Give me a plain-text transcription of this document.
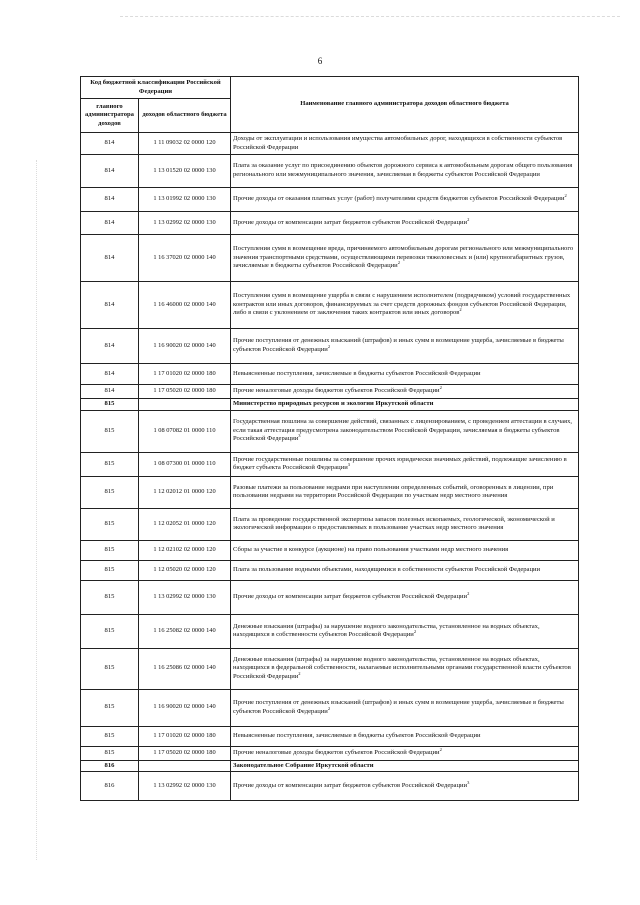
6
Код бюджетной классификации Российской Федерации		Наименование главного администратора доходов областного бюджета
главного администратора доходов	доходов областного бюджета	
814	1 11 09032 02 0000 120	Доходы от эксплуатации и использования имущества автомобильных дорог, находящихся в собственности субъектов Российской Федерации
814	1 13 01520 02 0000 130	Плата за оказание услуг по присоединению объектов дорожного сервиса к автомобильным дорогам общего пользования регионального или межмуниципального значения, зачисляемая в бюджеты субъектов Российской Федерации
814	1 13 01992 02 0000 130	Прочие доходы от оказания платных услуг (работ) получателями средств бюджетов субъектов Российской Федерации$^2$
814	1 13 02992 02 0000 130	Прочие доходы от компенсации затрат бюджетов субъектов Российской Федерации$^2$
814	1 16 37020 02 0000 140	Поступления сумм в возмещение вреда, причиняемого автомобильным дорогам регионального или межмуниципального значения транспортными средствами, осуществляющими перевозки тяжеловесных и (или) крупногабаритных грузов, зачисляемые в бюджеты субъектов Российской Федерации$^2$
814	1 16 46000 02 0000 140	Поступления сумм в возмещение ущерба в связи с нарушением исполнителем (подрядчиком) условий государственных контрактов или иных договоров, финансируемых за счет средств дорожных фондов субъектов Российской Федерации, либо в связи с уклонением от заключения таких контрактов или иных договоров$^2$
814	1 16 90020 02 0000 140	Прочие поступления от денежных взысканий (штрафов) и иных сумм в возмещение ущерба, зачисляемые в бюджеты субъектов Российской Федерации$^2$
814	1 17 01020 02 0000 180	Невыясненные поступления, зачисляемые в бюджеты субъектов Российской Федерации
814	1 17 05020 02 0000 180	Прочие неналоговые доходы бюджетов субъектов Российской Федерации$^2$
815		Министерство природных ресурсов и экологии Иркутской области
815	1 08 07082 01 0000 110	Государственная пошлина за совершение действий, связанных с лицензированием, с проведением аттестации в случаях, если такая аттестация предусмотрена законодательством Российской Федерации, зачисляемая в бюджеты субъектов Российской Федерации$^3$
815	1 08 07300 01 0000 110	Прочие государственные пошлины за совершение прочих юридически значимых действий, подлежащие зачислению в бюджет субъекта Российской Федерации$^3$
815	1 12 02012 01 0000 120	Разовые платежи за пользование недрами при наступлении определенных событий, оговоренных в лицензии, при пользовании недрами на территории Российской Федерации по участкам недр местного значения
815	1 12 02052 01 0000 120	Плата за проведение государственной экспертизы запасов полезных ископаемых, геологической, экономической и экологической информации о предоставляемых в пользование участках недр местного значения
815	1 12 02102 02 0000 120	Сборы за участие в конкурсе (аукционе) на право пользования участками недр местного значения
815	1 12 05020 02 0000 120	Плата за пользование водными объектами, находящимися в собственности субъектов Российской Федерации
815	1 13 02992 02 0000 130	Прочие доходы от компенсации затрат бюджетов субъектов Российской Федерации$^2$
815	1 16 25082 02 0000 140	Денежные взыскания (штрафы) за нарушение водного законодательства, установленное на водных объектах, находящихся в собственности субъектов Российской Федерации$^2$
815	1 16 25086 02 0000 140	Денежные взыскания (штрафы) за нарушение водного законодательства, установленное на водных объектах, находящихся в федеральной собственности, налагаемые исполнительными органами государственной власти субъектов Российской Федерации$^2$
815	1 16 90020 02 0000 140	Прочие поступления от денежных взысканий (штрафов) и иных сумм в возмещение ущерба, зачисляемые в бюджеты субъектов Российской Федерации$^2$
815	1 17 01020 02 0000 180	Невыясненные поступления, зачисляемые в бюджеты субъектов Российской Федерации
815	1 17 05020 02 0000 180	Прочие неналоговые доходы бюджетов субъектов Российской Федерации$^2$
816		Законодательное Собрание Иркутской области
816	1 13 02992 02 0000 130	Прочие доходы от компенсации затрат бюджетов субъектов Российской Федерации$^3$
